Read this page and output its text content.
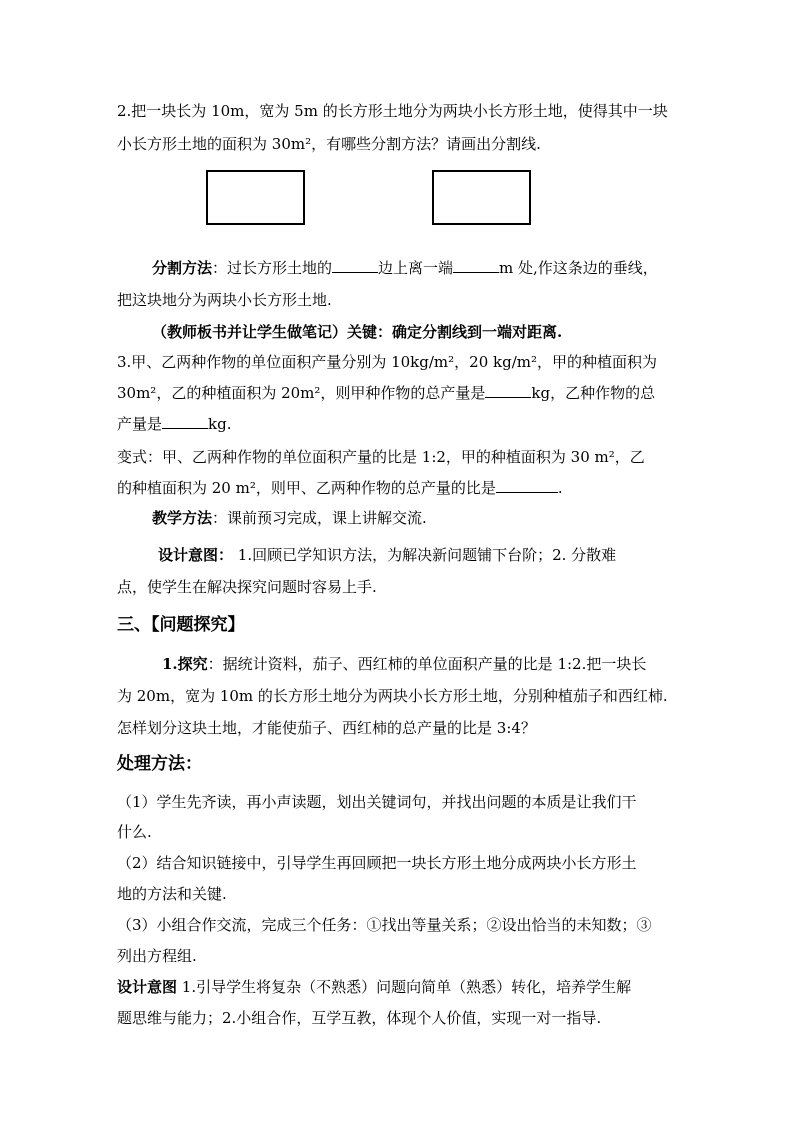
2.把一块长为 10m，宽为 5m 的长方形土地分为两块小长方形土地，使得其中一块
小长方形土地的面积为 30m²，有哪些分割方法？请画出分割线.
分割方法：过长方形土地的	边上离一端	m 处,作这条边的垂线，
把这块地分为两块小长方形土地.
（教师板书并让学生做笔记）关键：确定分割线到一端对距离.
3.甲、乙两种作物的单位面积产量分别为 10kg/m²，20 kg/m²，甲的种植面积为
30m²，乙的种植面积为 20m²，则甲种作物的总产量是	kg，乙种作物的总
产量是	kg.
变式：甲、乙两种作物的单位面积产量的比是 1:2，甲的种植面积为 30 m²，乙
的种植面积为 20 m²，则甲、乙两种作物的总产量的比是	.
教学方法：课前预习完成，课上讲解交流.
设计意图： 1.回顾已学知识方法，为解决新问题铺下台阶；2. 分散难
点，使学生在解决探究问题时容易上手.
三、【问题探究】
1.探究：据统计资料，茄子、西红柿的单位面积产量的比是 1:2.把一块长
为 20m，宽为 10m 的长方形土地分为两块小长方形土地，分别种植茄子和西红柿.
怎样划分这块土地，才能使茄子、西红柿的总产量的比是 3:4？
处理方法：
（1）学生先齐读，再小声读题，划出关键词句，并找出问题的本质是让我们干
什么.
（2）结合知识链接中，引导学生再回顾把一块长方形土地分成两块小长方形土
地的方法和关键.
（3）小组合作交流，完成三个任务：①找出等量关系；②设出恰当的未知数；③
列出方程组.
设计意图 1.引导学生将复杂（不熟悉）问题向简单（熟悉）转化，培养学生解
题思维与能力；2.小组合作，互学互教，体现个人价值，实现一对一指导.
